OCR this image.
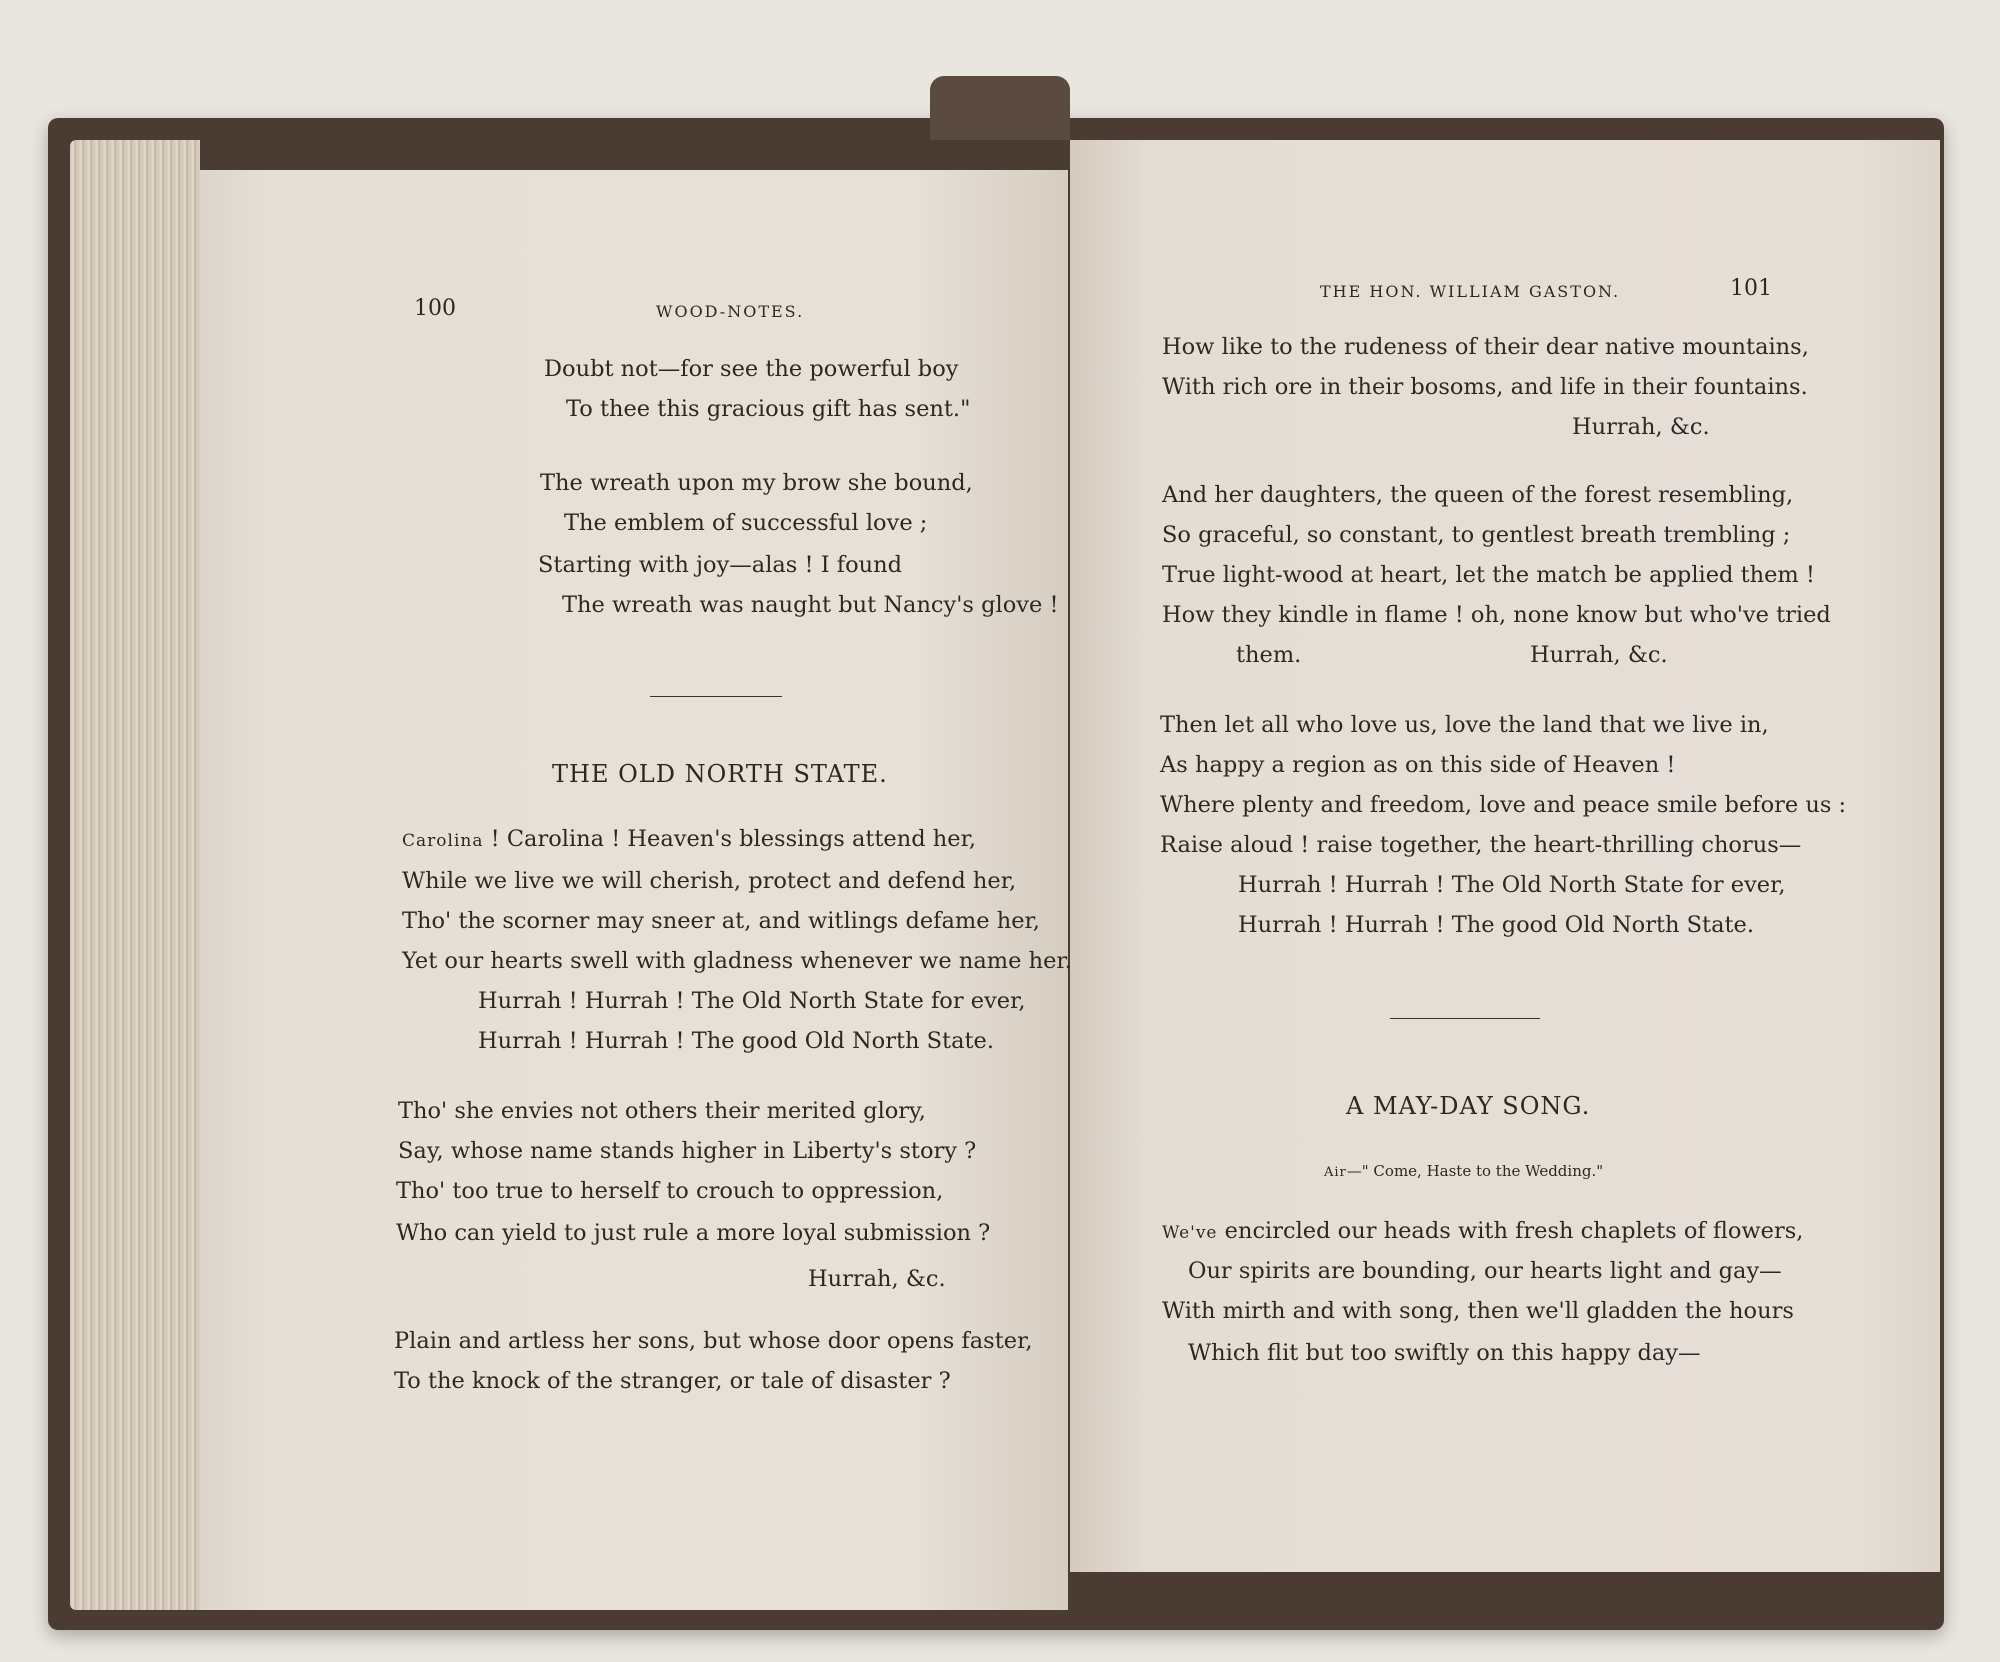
100	WOOD-NOTES.
Doubt not—for see the powerful boy
To thee this gracious gift has sent."
The wreath upon my brow she bound,
The emblem of successful love ;
Starting with joy—alas ! I found
The wreath was naught but Nancy's glove !
THE OLD NORTH STATE.
Carolina ! Carolina ! Heaven's blessings attend her,
While we live we will cherish, protect and defend her,
Tho' the scorner may sneer at, and witlings defame her,
Yet our hearts swell with gladness whenever we name her.
Hurrah ! Hurrah ! The Old North State for ever,
Hurrah ! Hurrah ! The good Old North State.
Tho' she envies not others their merited glory,
Say, whose name stands higher in Liberty's story ?
Tho' too true to herself to crouch to oppression,
Who can yield to just rule a more loyal submission ?
Hurrah, &c.
Plain and artless her sons, but whose door opens faster,
To the knock of the stranger, or tale of disaster ?
THE HON. WILLIAM GASTON.	101
How like to the rudeness of their dear native mountains,
With rich ore in their bosoms, and life in their fountains.
Hurrah, &c.
And her daughters, the queen of the forest resembling,
So graceful, so constant, to gentlest breath trembling ;
True light-wood at heart, let the match be applied them !
How they kindle in flame ! oh, none know but who've tried
them.	Hurrah, &c.
Then let all who love us, love the land that we live in,
As happy a region as on this side of Heaven !
Where plenty and freedom, love and peace smile before us :
Raise aloud ! raise together, the heart-thrilling chorus—
Hurrah ! Hurrah ! The Old North State for ever,
Hurrah ! Hurrah ! The good Old North State.
A MAY-DAY SONG.
Air—" Come, Haste to the Wedding."
We've encircled our heads with fresh chaplets of flowers,
Our spirits are bounding, our hearts light and gay—
With mirth and with song, then we'll gladden the hours
Which flit but too swiftly on this happy day—
